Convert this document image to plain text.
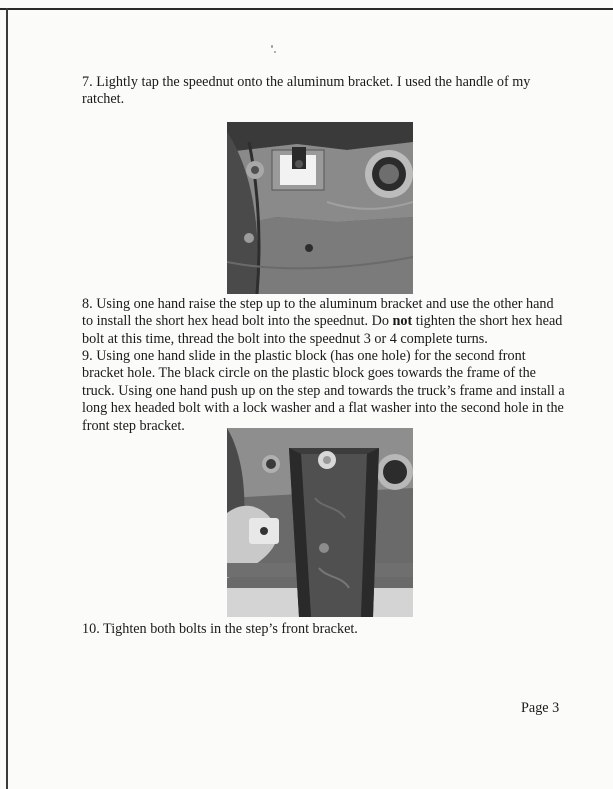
7. Lightly tap the speednut onto the aluminum bracket. I used the handle of my ratchet.

8. Using one hand raise the step up to the aluminum bracket and use the other hand to install the short hex head bolt into the speednut. Do not tighten the short hex head bolt at this time, thread the bolt into the speednut 3 or 4 complete turns.

9. Using one hand slide in the plastic block (has one hole) for the second front bracket hole. The black circle on the plastic block goes towards the frame of the truck. Using one hand push up on the step and towards the truck’s frame and install a long hex headed bolt with a lock washer and a flat washer into the second hole in the front step bracket.

10. Tighten both bolts in the step’s front bracket.

Page 3
